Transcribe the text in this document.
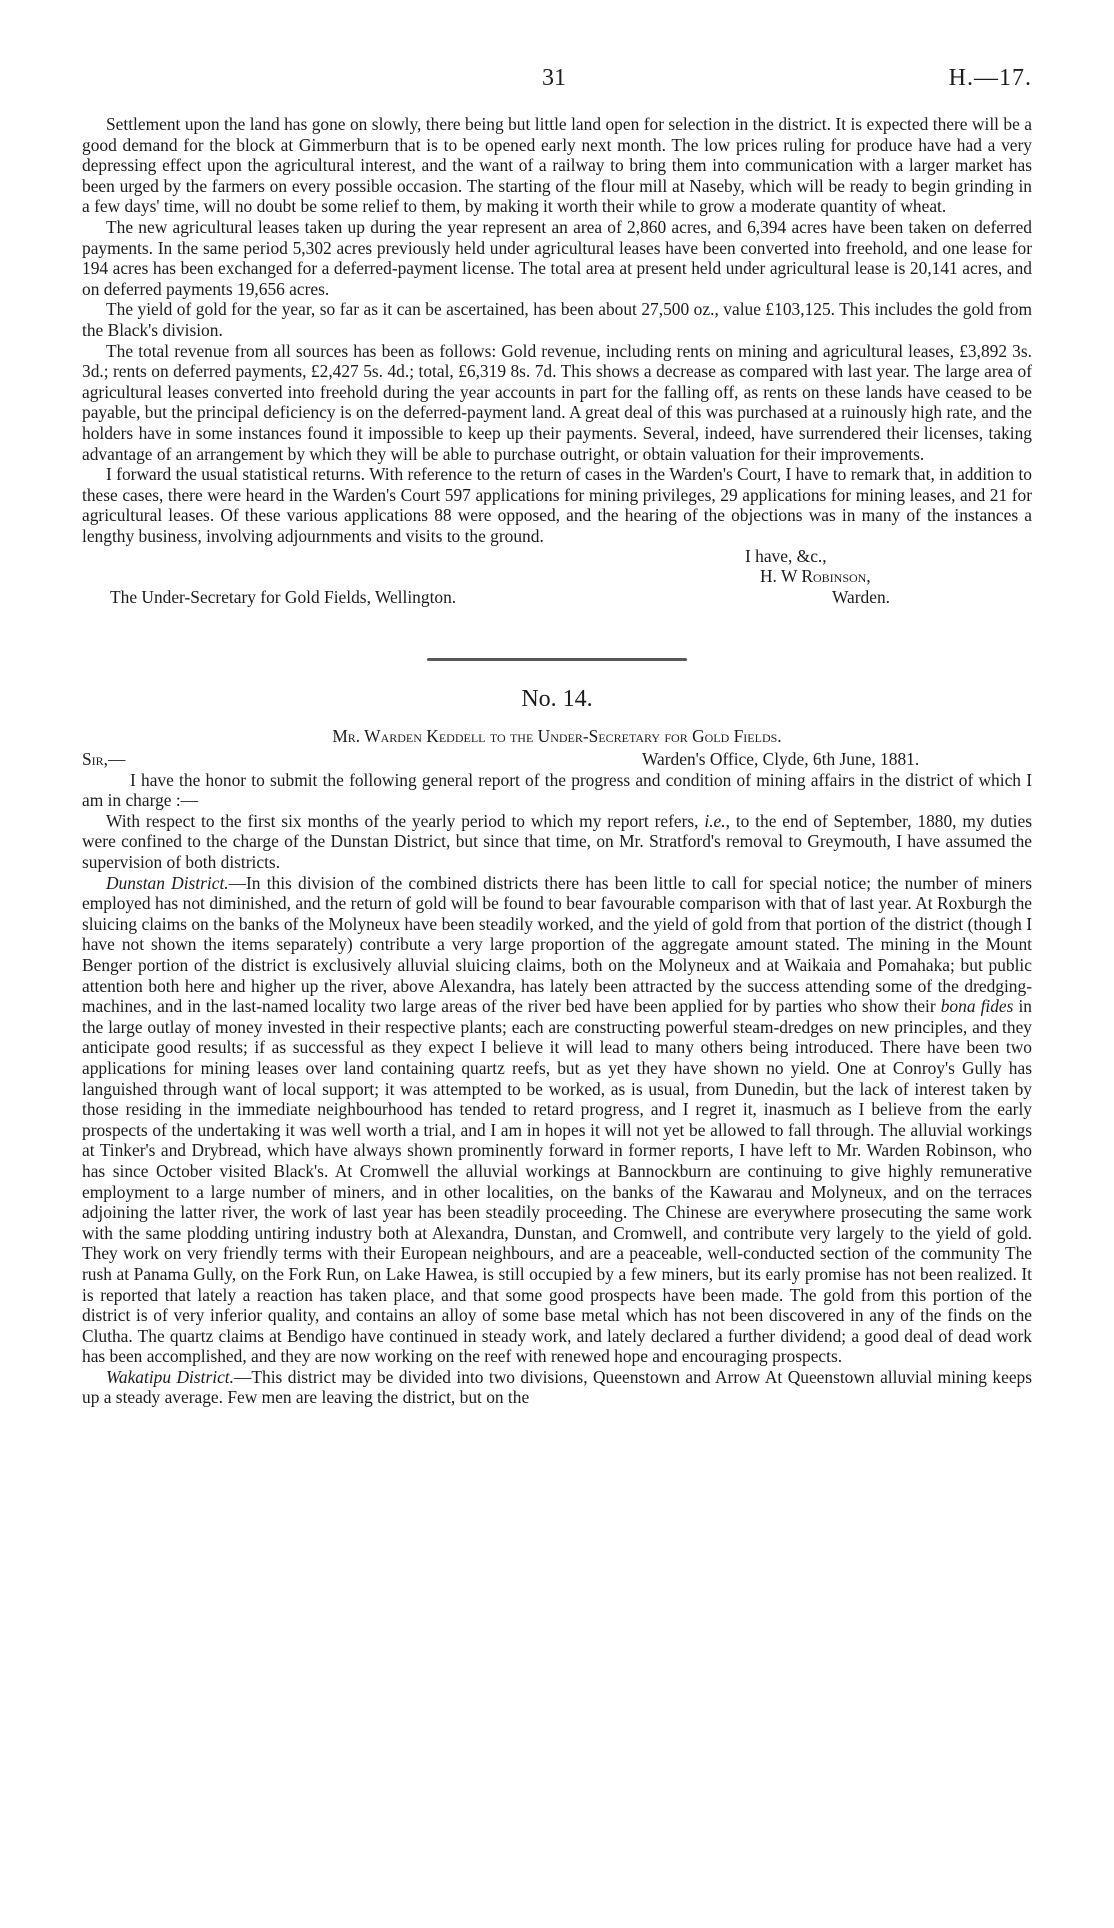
31	H.—17.

Settlement upon the land has gone on slowly, there being but little land open for selection in the district. It is expected there will be a good demand for the block at Gimmerburn that is to be opened early next month. The low prices ruling for produce have had a very depressing effect upon the agricultural interest, and the want of a railway to bring them into communication with a larger market has been urged by the farmers on every possible occasion. The starting of the flour mill at Naseby, which will be ready to begin grinding in a few days' time, will no doubt be some relief to them, by making it worth their while to grow a moderate quantity of wheat.

The new agricultural leases taken up during the year represent an area of 2,860 acres, and 6,394 acres have been taken on deferred payments. In the same period 5,302 acres previously held under agricultural leases have been converted into freehold, and one lease for 194 acres has been exchanged for a deferred-payment license. The total area at present held under agricultural lease is 20,141 acres, and on deferred payments 19,656 acres.

The yield of gold for the year, so far as it can be ascertained, has been about 27,500 oz., value £103,125. This includes the gold from the Black's division.

The total revenue from all sources has been as follows: Gold revenue, including rents on mining and agricultural leases, £3,892 3s. 3d.; rents on deferred payments, £2,427 5s. 4d.; total, £6,319 8s. 7d. This shows a decrease as compared with last year. The large area of agricultural leases converted into freehold during the year accounts in part for the falling off, as rents on these lands have ceased to be payable, but the principal deficiency is on the deferred-payment land. A great deal of this was purchased at a ruinously high rate, and the holders have in some instances found it impossible to keep up their payments. Several, indeed, have surrendered their licenses, taking advantage of an arrangement by which they will be able to purchase outright, or obtain valuation for their improvements.

I forward the usual statistical returns. With reference to the return of cases in the Warden's Court, I have to remark that, in addition to these cases, there were heard in the Warden's Court 597 applications for mining privileges, 29 applications for mining leases, and 21 for agricultural leases. Of these various applications 88 were opposed, and the hearing of the objections was in many of the instances a lengthy business, involving adjournments and visits to the ground.

I have, &c.,
H. W Robinson,
The Under-Secretary for Gold Fields, Wellington.	Warden.
No. 14.
Mr. Warden Keddell to the Under-Secretary for Gold Fields.
Sir,—	Warden's Office, Clyde, 6th June, 1881.

I have the honor to submit the following general report of the progress and condition of mining affairs in the district of which I am in charge :—

With respect to the first six months of the yearly period to which my report refers, i.e., to the end of September, 1880, my duties were confined to the charge of the Dunstan District, but since that time, on Mr. Stratford's removal to Greymouth, I have assumed the supervision of both districts.

Dunstan District.—In this division of the combined districts there has been little to call for special notice; the number of miners employed has not diminished, and the return of gold will be found to bear favourable comparison with that of last year. At Roxburgh the sluicing claims on the banks of the Molyneux have been steadily worked, and the yield of gold from that portion of the district (though I have not shown the items separately) contribute a very large proportion of the aggregate amount stated. The mining in the Mount Benger portion of the district is exclusively alluvial sluicing claims, both on the Molyneux and at Waikaia and Pomahaka; but public attention both here and higher up the river, above Alexandra, has lately been attracted by the success attending some of the dredging-machines, and in the last-named locality two large areas of the river bed have been applied for by parties who show their bona fides in the large outlay of money invested in their respective plants; each are constructing powerful steam-dredges on new principles, and they anticipate good results; if as successful as they expect I believe it will lead to many others being introduced. There have been two applications for mining leases over land containing quartz reefs, but as yet they have shown no yield. One at Conroy's Gully has languished through want of local support; it was attempted to be worked, as is usual, from Dunedin, but the lack of interest taken by those residing in the immediate neighbourhood has tended to retard progress, and I regret it, inasmuch as I believe from the early prospects of the undertaking it was well worth a trial, and I am in hopes it will not yet be allowed to fall through. The alluvial workings at Tinker's and Drybread, which have always shown prominently forward in former reports, I have left to Mr. Warden Robinson, who has since October visited Black's. At Cromwell the alluvial workings at Bannockburn are continuing to give highly remunerative employment to a large number of miners, and in other localities, on the banks of the Kawarau and Molyneux, and on the terraces adjoining the latter river, the work of last year has been steadily proceeding. The Chinese are everywhere prosecuting the same work with the same plodding untiring industry both at Alexandra, Dunstan, and Cromwell, and contribute very largely to the yield of gold. They work on very friendly terms with their European neighbours, and are a peaceable, well-conducted section of the community The rush at Panama Gully, on the Fork Run, on Lake Hawea, is still occupied by a few miners, but its early promise has not been realized. It is reported that lately a reaction has taken place, and that some good prospects have been made. The gold from this portion of the district is of very inferior quality, and contains an alloy of some base metal which has not been discovered in any of the finds on the Clutha. The quartz claims at Bendigo have continued in steady work, and lately declared a further dividend; a good deal of dead work has been accomplished, and they are now working on the reef with renewed hope and encouraging prospects.

Wakatipu District.—This district may be divided into two divisions, Queenstown and Arrow At Queenstown alluvial mining keeps up a steady average. Few men are leaving the district, but on the
